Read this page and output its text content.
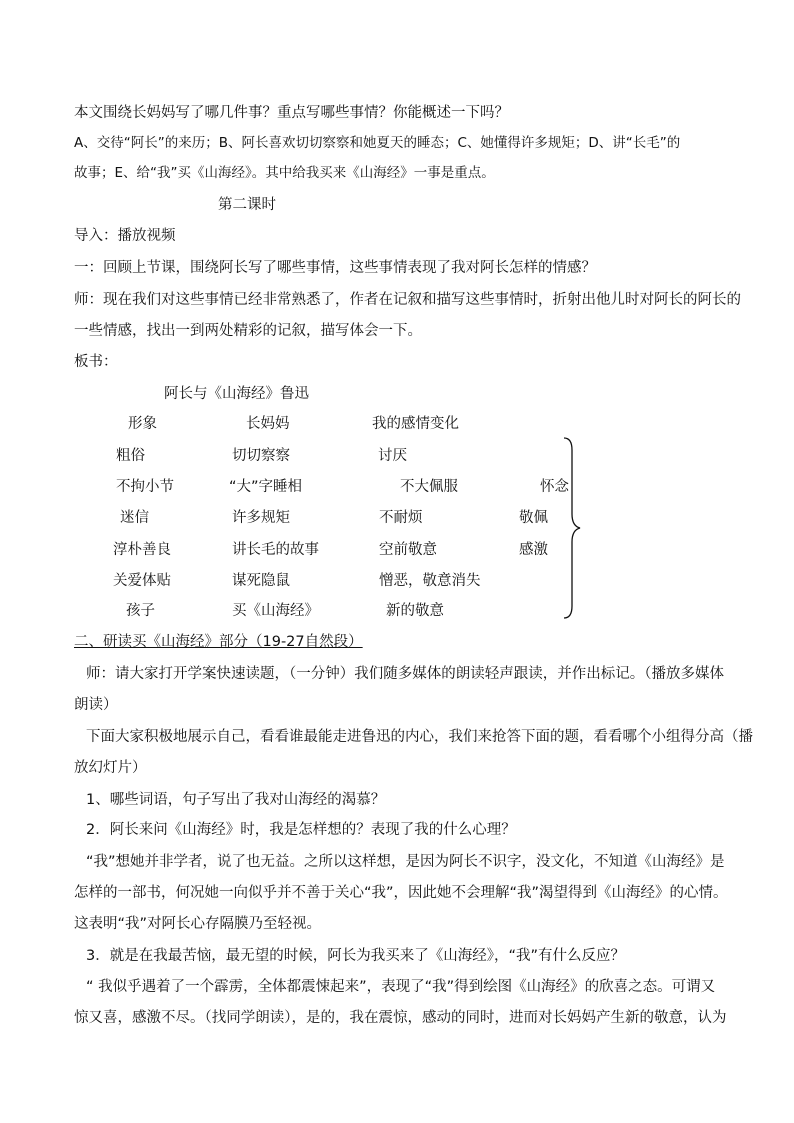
本文围绕长妈妈写了哪几件事？重点写哪些事情？你能概述一下吗？
A、交待“阿长”的来历；B、阿长喜欢切切察察和她夏天的睡态；C、她懂得许多规矩；D、讲“长毛”的
故事；E、给“我”买《山海经》。其中给我买来《山海经》一事是重点。
第二课时
导入：播放视频
一：回顾上节课，围绕阿长写了哪些事情，这些事情表现了我对阿长怎样的情感？
师：现在我们对这些事情已经非常熟悉了，作者在记叙和描写这些事情时，折射出他儿时对阿长的阿长的
一些情感，找出一到两处精彩的记叙，描写体会一下。
板书：
阿长与《山海经》鲁迅
形象	长妈妈	我的感情变化
粗俗	切切察察	讨厌
不拘小节	“大”字睡相	不大佩服	怀念
迷信	许多规矩	不耐烦	敬佩
淳朴善良	讲长毛的故事	空前敬意	感激
关爱体贴	谋死隐鼠	憎恶，敬意消失
孩子	买《山海经》	新的敬意
二、研读买《山海经》部分（19-27自然段）
师：请大家打开学案快速读题，（一分钟）我们随多媒体的朗读轻声跟读，并作出标记。（播放多媒体
朗读）
下面大家积极地展示自己，看看谁最能走进鲁迅的内心，我们来抢答下面的题，看看哪个小组得分高（播
放幻灯片）
1、哪些词语，句子写出了我对山海经的渴慕？
2．阿长来问《山海经》时，我是怎样想的？表现了我的什么心理？
“我”想她并非学者，说了也无益。之所以这样想，是因为阿长不识字，没文化，不知道《山海经》是
怎样的一部书，何况她一向似乎并不善于关心“我”，因此她不会理解“我”渴望得到《山海经》的心情。
这表明“我”对阿长心存隔膜乃至轻视。
3．就是在我最苦恼，最无望的时候，阿长为我买来了《山海经》，“我”有什么反应？
“ 我似乎遇着了一个霹雳，全体都震悚起来”，表现了“我”得到绘图《山海经》的欣喜之态。可谓又
惊又喜，感激不尽。（找同学朗读），是的，我在震惊，感动的同时，进而对长妈妈产生新的敬意，认为
